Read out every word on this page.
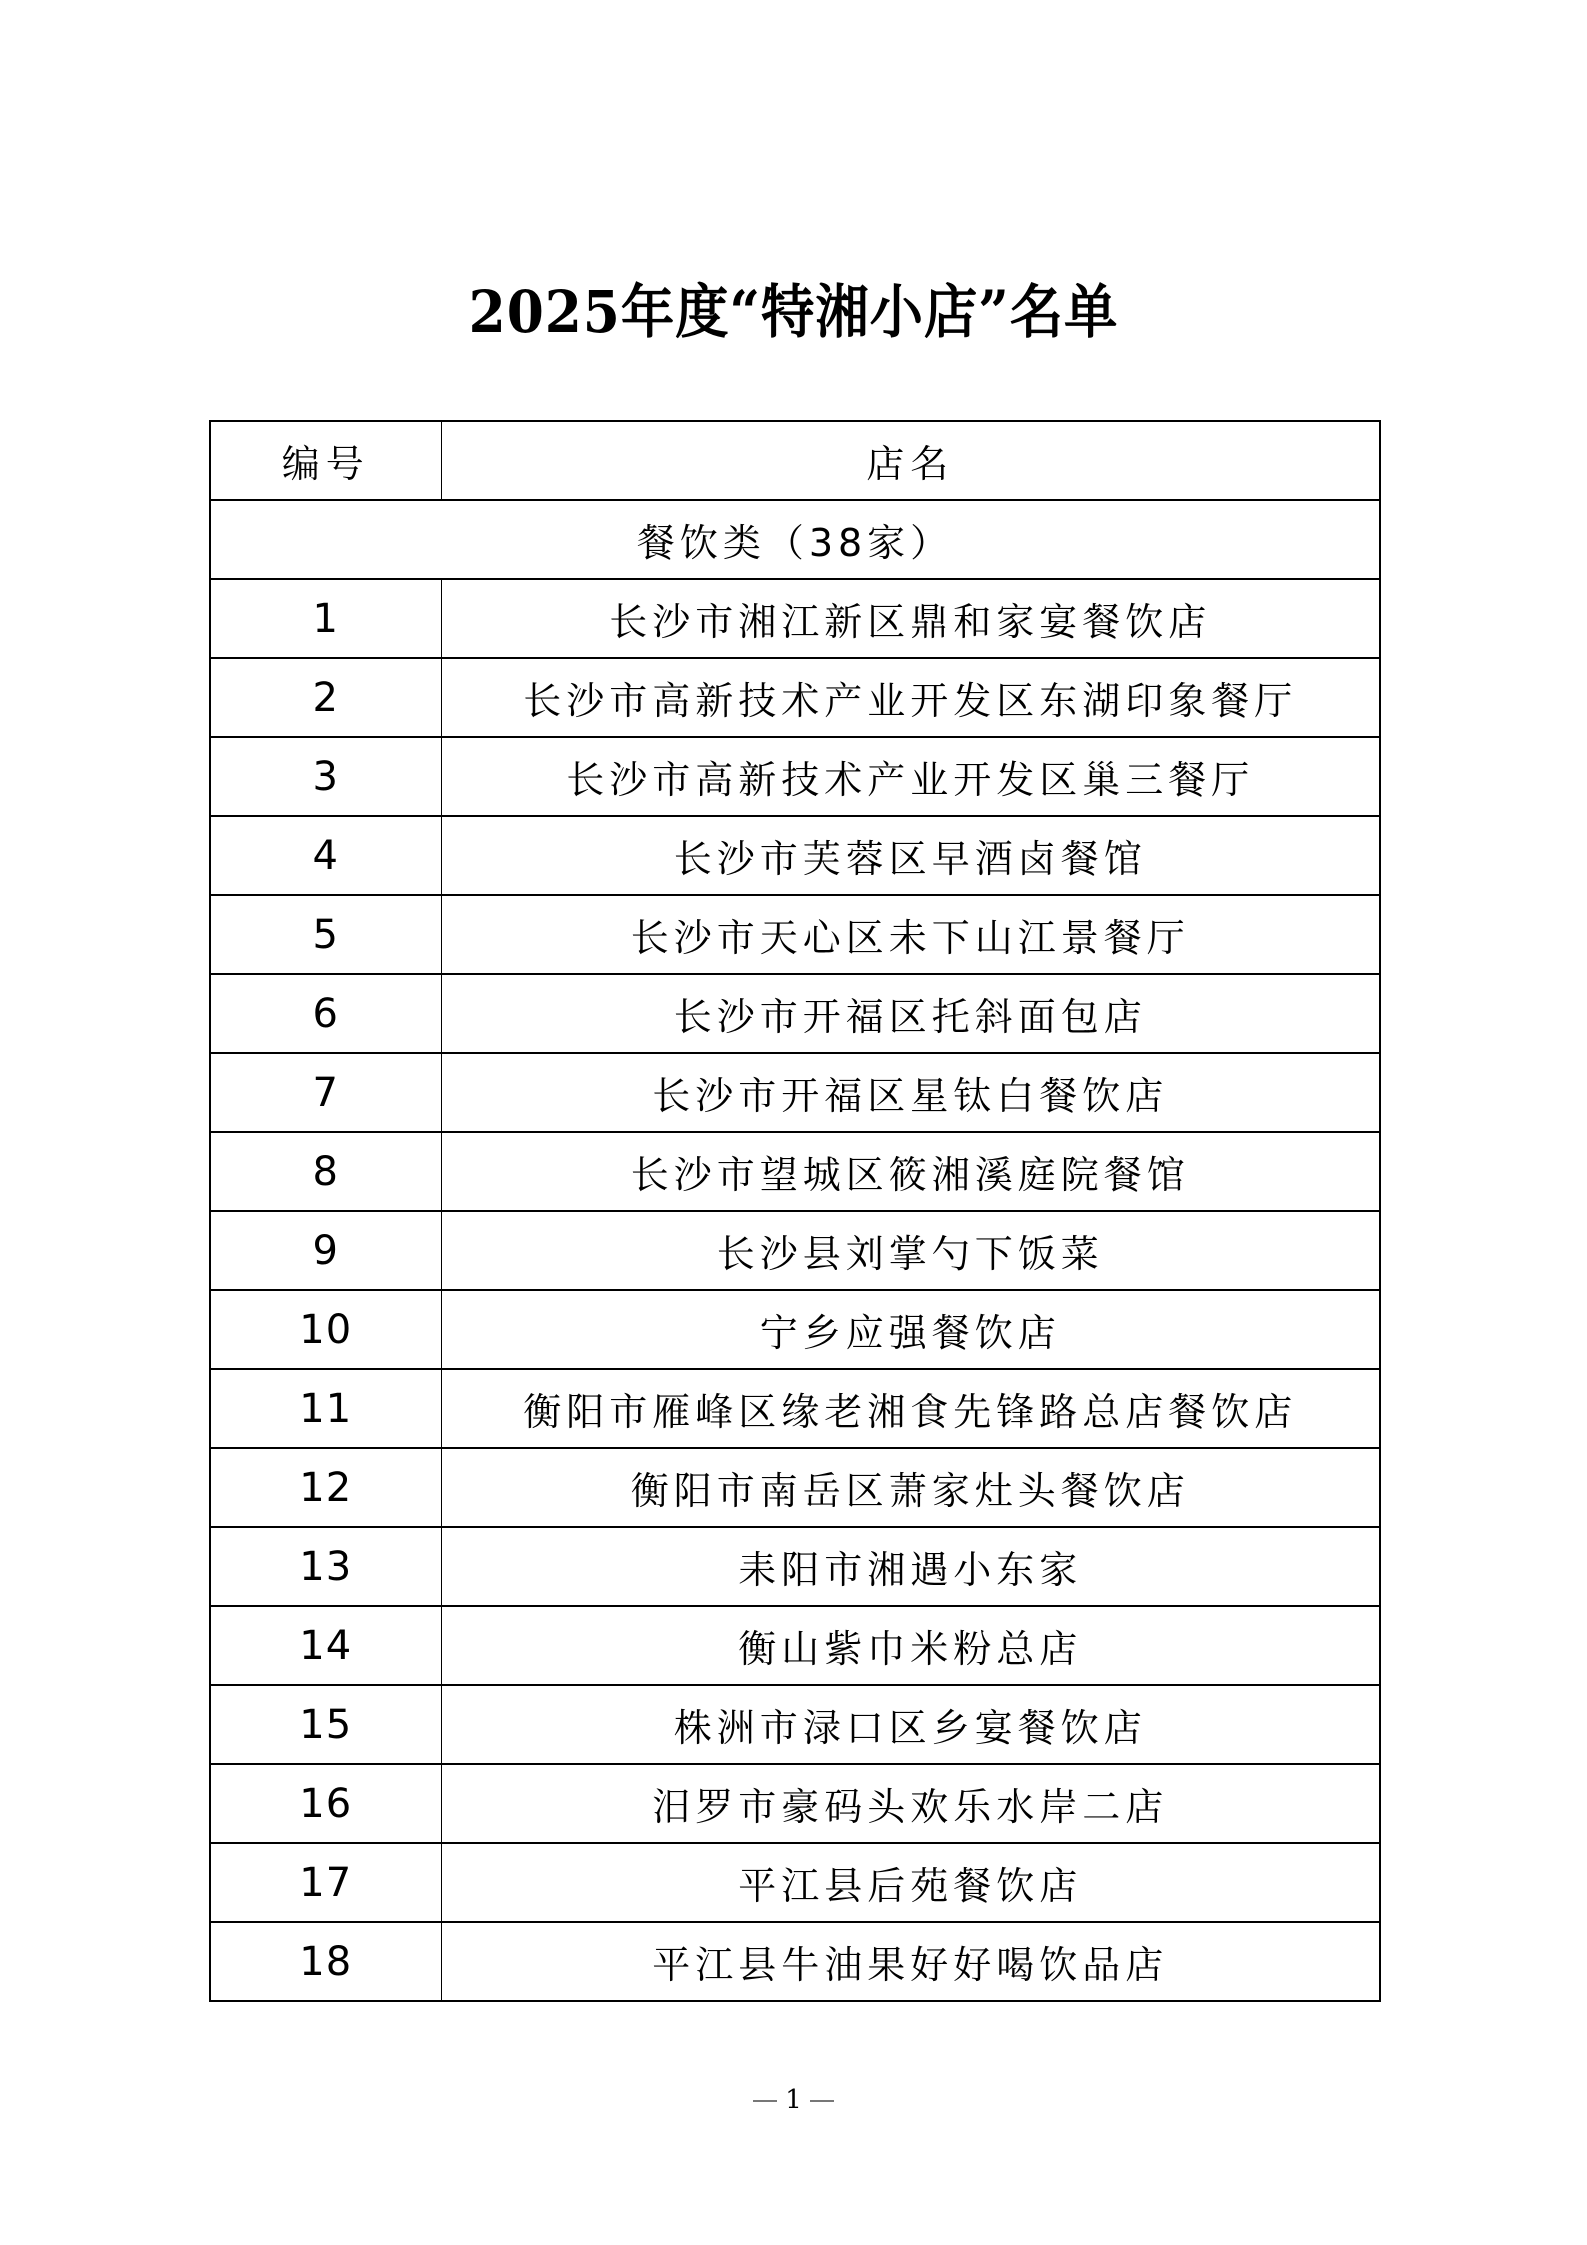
2025年度“特湘小店”名单
编号	店名
餐饮类（38家）	
1	长沙市湘江新区鼎和家宴餐饮店
2	长沙市高新技术产业开发区东湖印象餐厅
3	长沙市高新技术产业开发区巢三餐厅
4	长沙市芙蓉区早酒卤餐馆
5	长沙市天心区未下山江景餐厅
6	长沙市开福区托斜面包店
7	长沙市开福区星钛白餐饮店
8	长沙市望城区筱湘溪庭院餐馆
9	长沙县刘掌勺下饭菜
10	宁乡应强餐饮店
11	衡阳市雁峰区缘老湘食先锋路总店餐饮店
12	衡阳市南岳区萧家灶头餐饮店
13	耒阳市湘遇小东家
14	衡山紫巾米粉总店
15	株洲市渌口区乡宴餐饮店
16	汨罗市豪码头欢乐水岸二店
17	平江县后苑餐饮店
18	平江县牛油果好好喝饮品店
1
